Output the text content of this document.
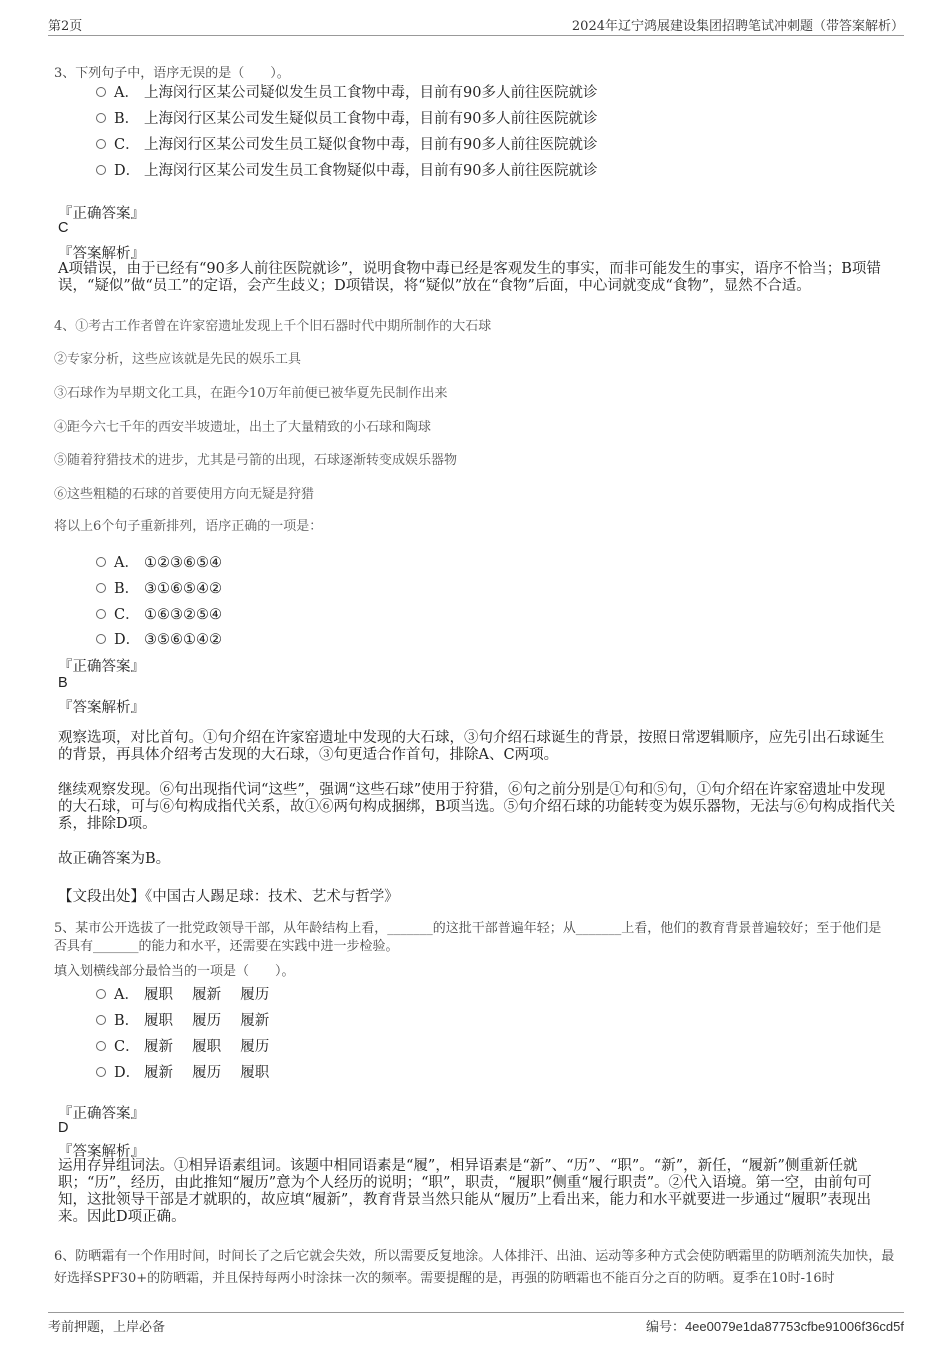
第2页	2024年辽宁鸿展建设集团招聘笔试冲刺题（带答案解析）
3、下列句子中，语序无误的是（　　）。
A． 上海闵行区某公司疑似发生员工食物中毒，目前有90多人前往医院就诊
B． 上海闵行区某公司发生疑似员工食物中毒，目前有90多人前往医院就诊
C． 上海闵行区某公司发生员工疑似食物中毒，目前有90多人前往医院就诊
D． 上海闵行区某公司发生员工食物疑似中毒，目前有90多人前往医院就诊
『正确答案』
C
『答案解析』
A项错误，由于已经有“90多人前往医院就诊”，说明食物中毒已经是客观发生的事实，而非可能发生的事实，语序不恰当；B项错误，“疑似”做“员工”的定语，会产生歧义；D项错误，将“疑似”放在“食物”后面，中心词就变成“食物”，显然不合适。
4、①考古工作者曾在许家窑遗址发现上千个旧石器时代中期所制作的大石球
②专家分析，这些应该就是先民的娱乐工具
③石球作为早期文化工具，在距今10万年前便已被华夏先民制作出来
④距今六七千年的西安半坡遗址，出土了大量精致的小石球和陶球
⑤随着狩猎技术的进步，尤其是弓箭的出现，石球逐渐转变成娱乐器物
⑥这些粗糙的石球的首要使用方向无疑是狩猎
将以上6个句子重新排列，语序正确的一项是：
A． ①②③⑥⑤④
B． ③①⑥⑤④②
C． ①⑥③②⑤④
D． ③⑤⑥①④②
『正确答案』
B
『答案解析』
观察选项，对比首句。①句介绍在许家窑遗址中发现的大石球，③句介绍石球诞生的背景，按照日常逻辑顺序，应先引出石球诞生的背景，再具体介绍考古发现的大石球，③句更适合作首句，排除A、C两项。
继续观察发现。⑥句出现指代词“这些”，强调“这些石球”使用于狩猎，⑥句之前分别是①句和⑤句，①句介绍在许家窑遗址中发现的大石球，可与⑥句构成指代关系，故①⑥两句构成捆绑，B项当选。⑤句介绍石球的功能转变为娱乐器物，无法与⑥句构成指代关系，排除D项。
故正确答案为B。
【文段出处】《中国古人踢足球：技术、艺术与哲学》
5、某市公开选拔了一批党政领导干部，从年龄结构上看，_______的这批干部普遍年轻；从_______上看，他们的教育背景普遍较好；至于他们是否具有_______的能力和水平，还需要在实践中进一步检验。
填入划横线部分最恰当的一项是（　　）。
A． 履职　 履新　 履历
B． 履职　 履历　 履新
C． 履新　 履职　 履历
D． 履新　 履历　 履职
『正确答案』
D
『答案解析』
运用存异组词法。①相异语素组词。该题中相同语素是“履”，相异语素是“新”、“历”、“职”。“新”，新任，“履新”侧重新任就职；“历”，经历，由此推知“履历”意为个人经历的说明；“职”，职责，“履职”侧重“履行职责”。②代入语境。第一空，由前句可知，这批领导干部是才就职的，故应填“履新”，教育背景当然只能从“履历”上看出来，能力和水平就要进一步通过“履职”表现出来。因此D项正确。
6、防晒霜有一个作用时间，时间长了之后它就会失效，所以需要反复地涂。人体排汗、出油、运动等多种方式会使防晒霜里的防晒剂流失加快，最好选择SPF30+的防晒霜，并且保持每两小时涂抹一次的频率。需要提醒的是，再强的防晒霜也不能百分之百的防晒。夏季在10时-16时
考前押题，上岸必备	编号：4ee0079e1da87753cfbe91006f36cd5f
